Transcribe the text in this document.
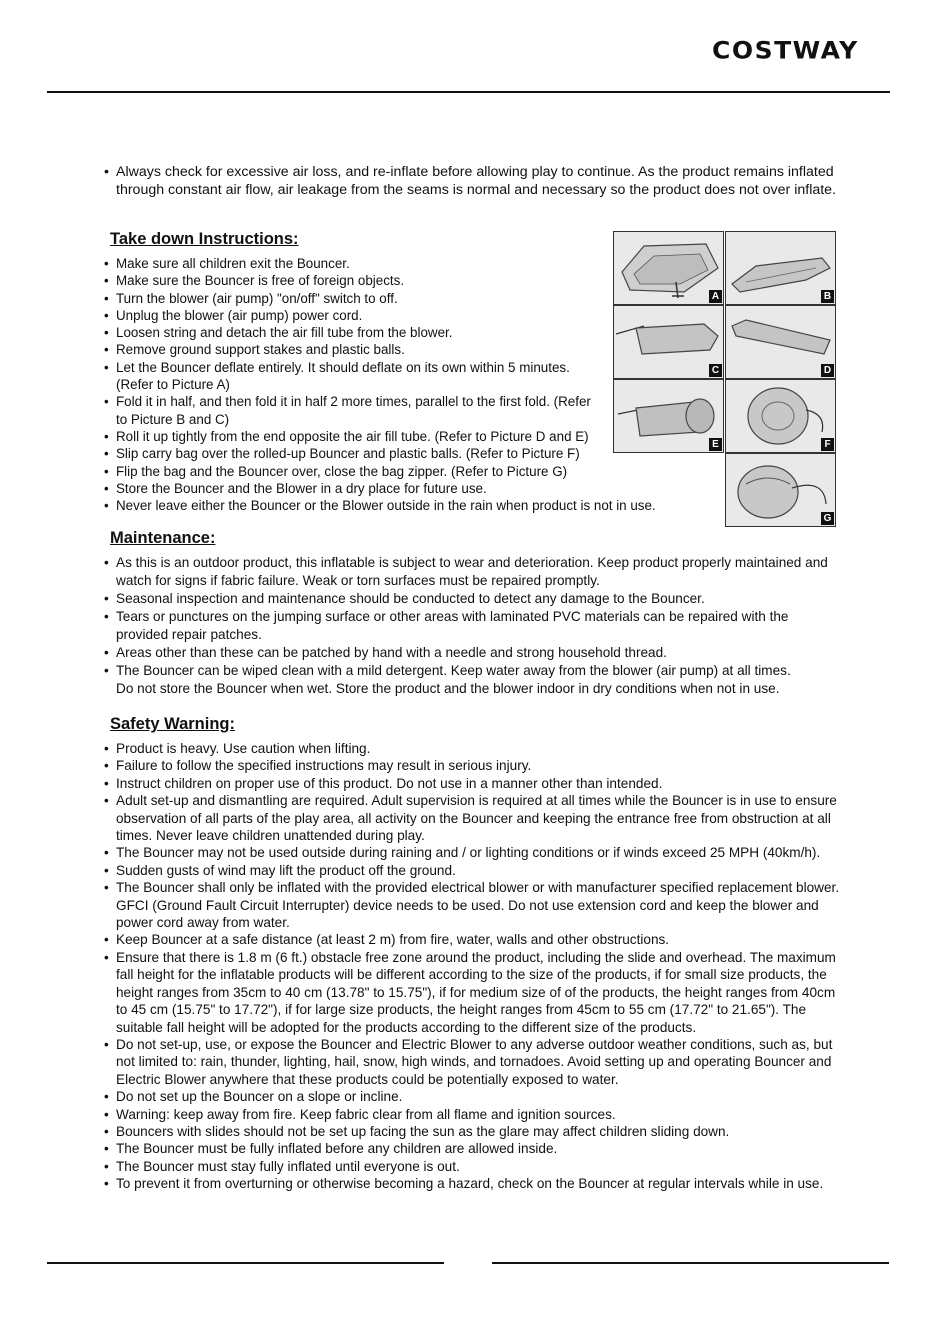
COSTWAY
• Always check for excessive air loss, and re-inflate before allowing play to continue. As the product remains inflated through constant air flow, air leakage from the seams is normal and necessary so the product does not over inflate.
Take down Instructions:
• Make sure all children exit the Bouncer.
• Make sure the Bouncer is free of foreign objects.
• Turn the blower (air pump) "on/off" switch to off.
• Unplug the blower (air pump) power cord.
• Loosen string and detach the air fill tube from the blower.
• Remove ground support stakes and plastic balls.
• Let the Bouncer deflate entirely. It should deflate on its own within 5 minutes. (Refer to Picture A)
• Fold it in half, and then fold it in half 2 more times, parallel to the first fold. (Refer to Picture B and C)
• Roll it up tightly from the end opposite the air fill tube. (Refer to Picture D and E)
• Slip carry bag over the rolled-up Bouncer and plastic balls. (Refer to Picture F)
• Flip the bag and the Bouncer over, close the bag zipper. (Refer to Picture G)
• Store the Bouncer and the Blower in a dry place for future use.
• Never leave either the Bouncer or the Blower outside in the rain when product is not in use.
A	B
C	D
E	F
G
Maintenance:
• As this is an outdoor product, this inflatable is subject to wear and deterioration. Keep product properly maintained and watch for signs if fabric failure. Weak or torn surfaces must be repaired promptly.
• Seasonal inspection and maintenance should be conducted to detect any damage to the Bouncer.
• Tears or punctures on the jumping surface or other areas with laminated PVC materials can be repaired with the provided repair patches.
• Areas other than these can be patched by hand with a needle and strong household thread.
• The Bouncer can be wiped clean with a mild detergent. Keep water away from the blower (air pump) at all times. Do not store the Bouncer when wet. Store the product and the blower indoor in dry conditions when not in use.
Safety Warning:
• Product is heavy. Use caution when lifting.
• Failure to follow the specified instructions may result in serious injury.
• Instruct children on proper use of this product. Do not use in a manner other than intended.
• Adult set-up and dismantling are required. Adult supervision is required at all times while the Bouncer is in use to ensure observation of all parts of the play area, all activity on the Bouncer and keeping the entrance free from obstruction at all times. Never leave children unattended during play.
• The Bouncer may not be used outside during raining and / or lighting conditions or if winds exceed 25 MPH (40km/h).
• Sudden gusts of wind may lift the product off the ground.
• The Bouncer shall only be inflated with the provided electrical blower or with manufacturer specified replacement blower. GFCI (Ground Fault Circuit Interrupter) device needs to be used. Do not use extension cord and keep the blower and power cord away from water.
• Keep Bouncer at a safe distance (at least 2 m) from fire, water, walls and other obstructions.
• Ensure that there is 1.8 m (6 ft.) obstacle free zone around the product, including the slide and overhead. The maximum fall height for the inflatable products will be different according to the size of the products, if for small size products, the height ranges from 35cm to 40 cm (13.78" to 15.75"), if for medium size of of the products, the height ranges from 40cm to 45 cm (15.75" to 17.72"), if for large size products, the height ranges from 45cm to 55 cm (17.72" to 21.65"). The suitable fall height will be adopted for the products according to the different size of the products.
• Do not set-up, use, or expose the Bouncer and Electric Blower to any adverse outdoor weather conditions, such as, but not limited to: rain, thunder, lighting, hail, snow, high winds, and tornadoes. Avoid setting up and operating Bouncer and Electric Blower anywhere that these products could be potentially exposed to water.
• Do not set up the Bouncer on a slope or incline.
• Warning: keep away from fire. Keep fabric clear from all flame and ignition sources.
• Bouncers with slides should not be set up facing the sun as the glare may affect children sliding down.
• The Bouncer must be fully inflated before any children are allowed inside.
• The Bouncer must stay fully inflated until everyone is out.
• To prevent it from overturning or otherwise becoming a hazard, check on the Bouncer at regular intervals while in use.
